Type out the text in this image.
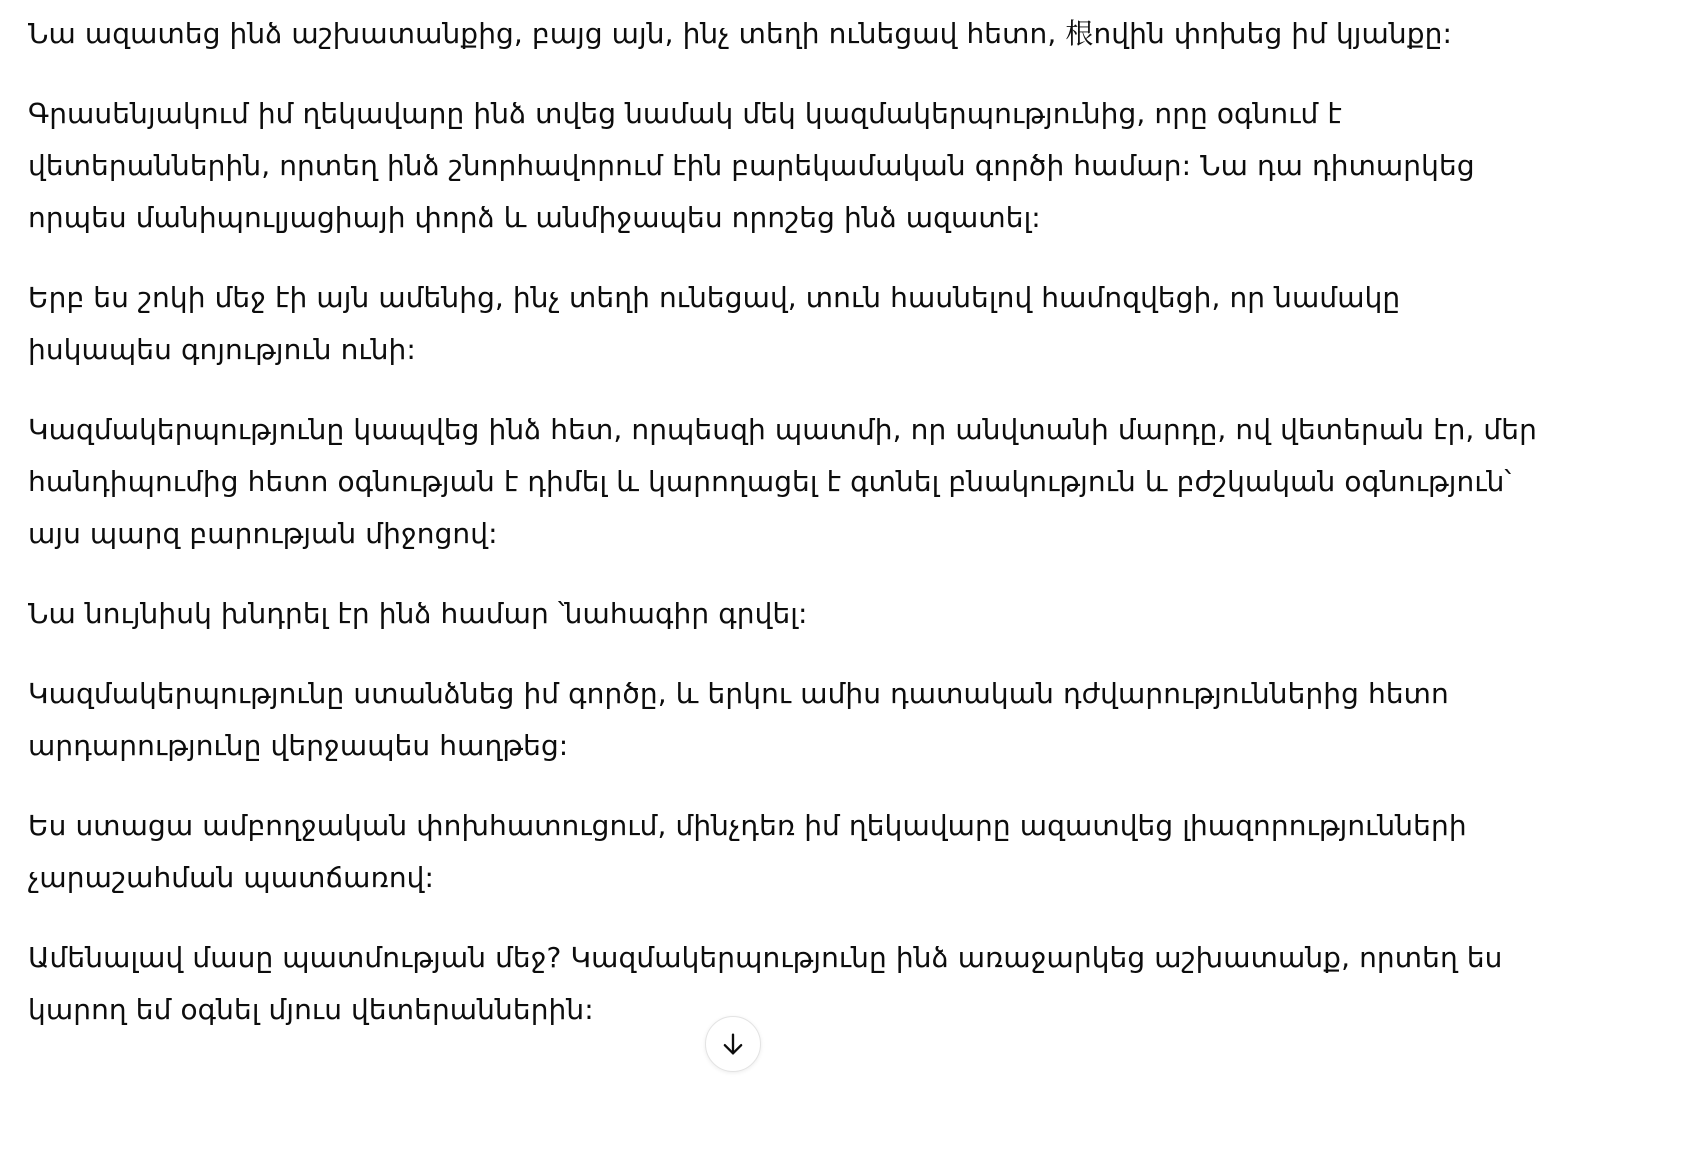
Նա ազատեց ինձ աշխատանքից, բայց այն, ինչ տեղի ունեցավ հետո, 根ովին փոխեց իմ կյանքը:

Գրասենյակում իմ ղեկավարը ինձ տվեց նամակ մեկ կազմակերպությունից, որը օգնում է վետերաններին, որտեղ ինձ շնորհավորում էին բարեկամական գործի համար: Նա դա դիտարկեց որպես մանիպուլյացիայի փորձ և անմիջապես որոշեց ինձ ազատել:

Երբ ես շոկի մեջ էի այն ամենից, ինչ տեղի ունեցավ, տուն հասնելով համոզվեցի, որ նամակը իսկապես գոյություն ունի:

Կազմակերպությունը կապվեց ինձ հետ, որպեսզի պատմի, որ անվտանի մարդը, ով վետերան էր, մեր հանդիպումից հետո օգնության է դիմել և կարողացել է գտնել բնակություն և բժշկական օգնություն՝ այս պարզ բարության միջոցով:

Նա նույնիսկ խնդրել էր ինձ համար ՝նահագիր գրվել:

Կազմակերպությունը ստանձնեց իմ գործը, և երկու ամիս դատական դժվարություններից հետո արդարությունը վերջապես հաղթեց:

Ես ստացա ամբողջական փոխհատուցում, մինչդեռ իմ ղեկավարը ազատվեց լիազորությունների չարաշահման պատճառով:

Ամենալավ մասը պատմության մեջ? Կազմակերպությունը ինձ առաջարկեց աշխատանք, որտեղ ես կարող եմ օգնել մյուս վետերաններին:
